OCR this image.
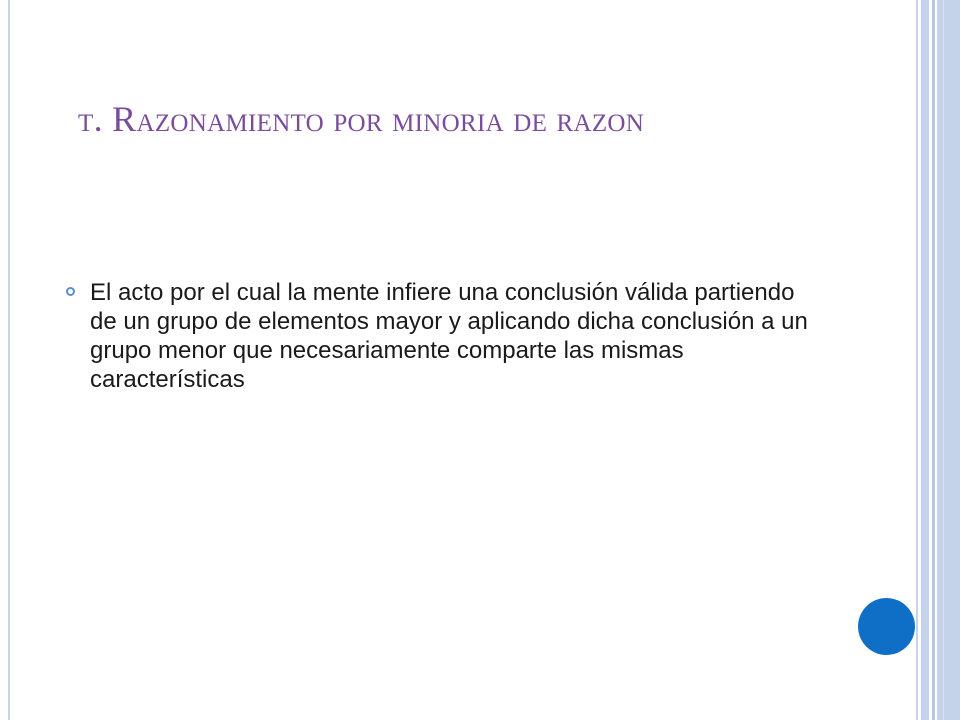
t. Razonamiento por minoria de razon
El acto por el cual la mente infiere una conclusión válida partiendo de un grupo de elementos mayor y aplicando dicha conclusión a un grupo menor que necesariamente comparte las mismas características
